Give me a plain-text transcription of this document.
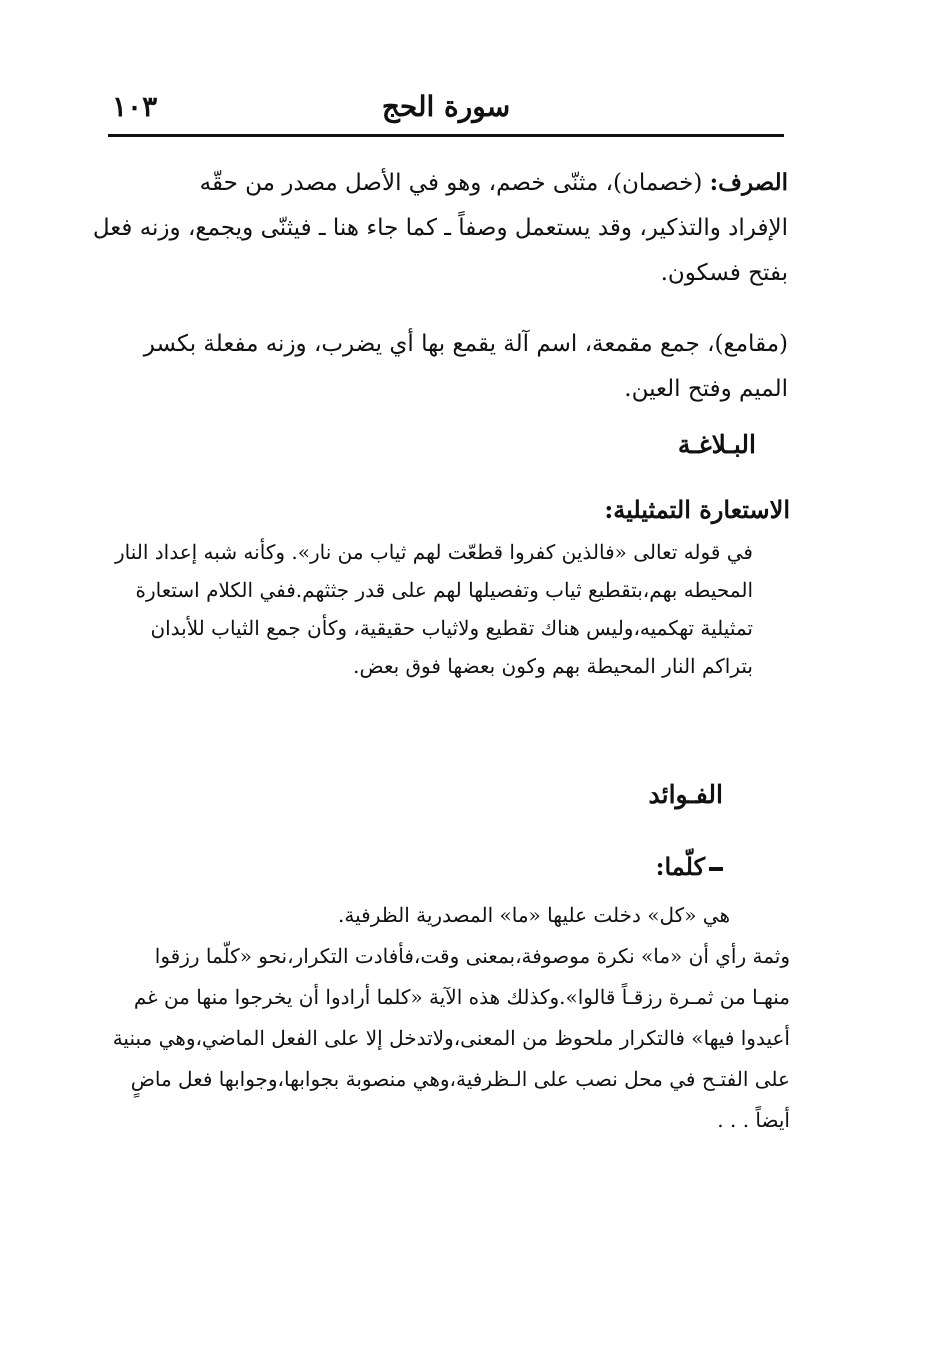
سورة الحج
١٠٣
الصرف: (خصمان)، مثنّى خصم، وهو في الأصل مصدر من حقّه
الإفراد والتذكير، وقد يستعمل وصفاً ـ كما جاء هنا ـ فيثنّى ويجمع، وزنه فعل
بفتح فسكون.
(مقامع)، جمع مقمعة، اسم آلة يقمع بها أي يضرب، وزنه مفعلة بكسر
الميم وفتح العين.
البـلاغـة
الاستعارة التمثيلية:
في قوله تعالى «فالذين كفروا قطعّت لهم ثياب من نار». وكأنه شبه إعداد النار
المحيطه بهم،بتقطيع ثياب وتفصيلها لهم على قدر جثثهم.ففي الكلام استعارة
تمثيلية تهكميه،وليس هناك تقطيع ولاثياب حقيقية، وكأن جمع الثياب للأبدان
بتراكم النار المحيطة بهم وكون بعضها فوق بعض.
الفـوائد
كلّما:
هي «كل» دخلت عليها «ما» المصدرية الظرفية.
وثمة رأي أن «ما» نكرة موصوفة،بمعنى وقت،فأفادت التكرار،نحو «كلّما رزقوا
منهـا من ثمـرة رزقـاً قالوا».وكذلك هذه الآية «كلما أرادوا أن يخرجوا منها من غم
أعيدوا فيها» فالتكرار ملحوظ من المعنى،ولاتدخل إلا على الفعل الماضي،وهي مبنية
على الفتـح في محل نصب على الـظرفية،وهي منصوبة بجوابها،وجوابها فعل ماضٍ
أيضاً . . .
